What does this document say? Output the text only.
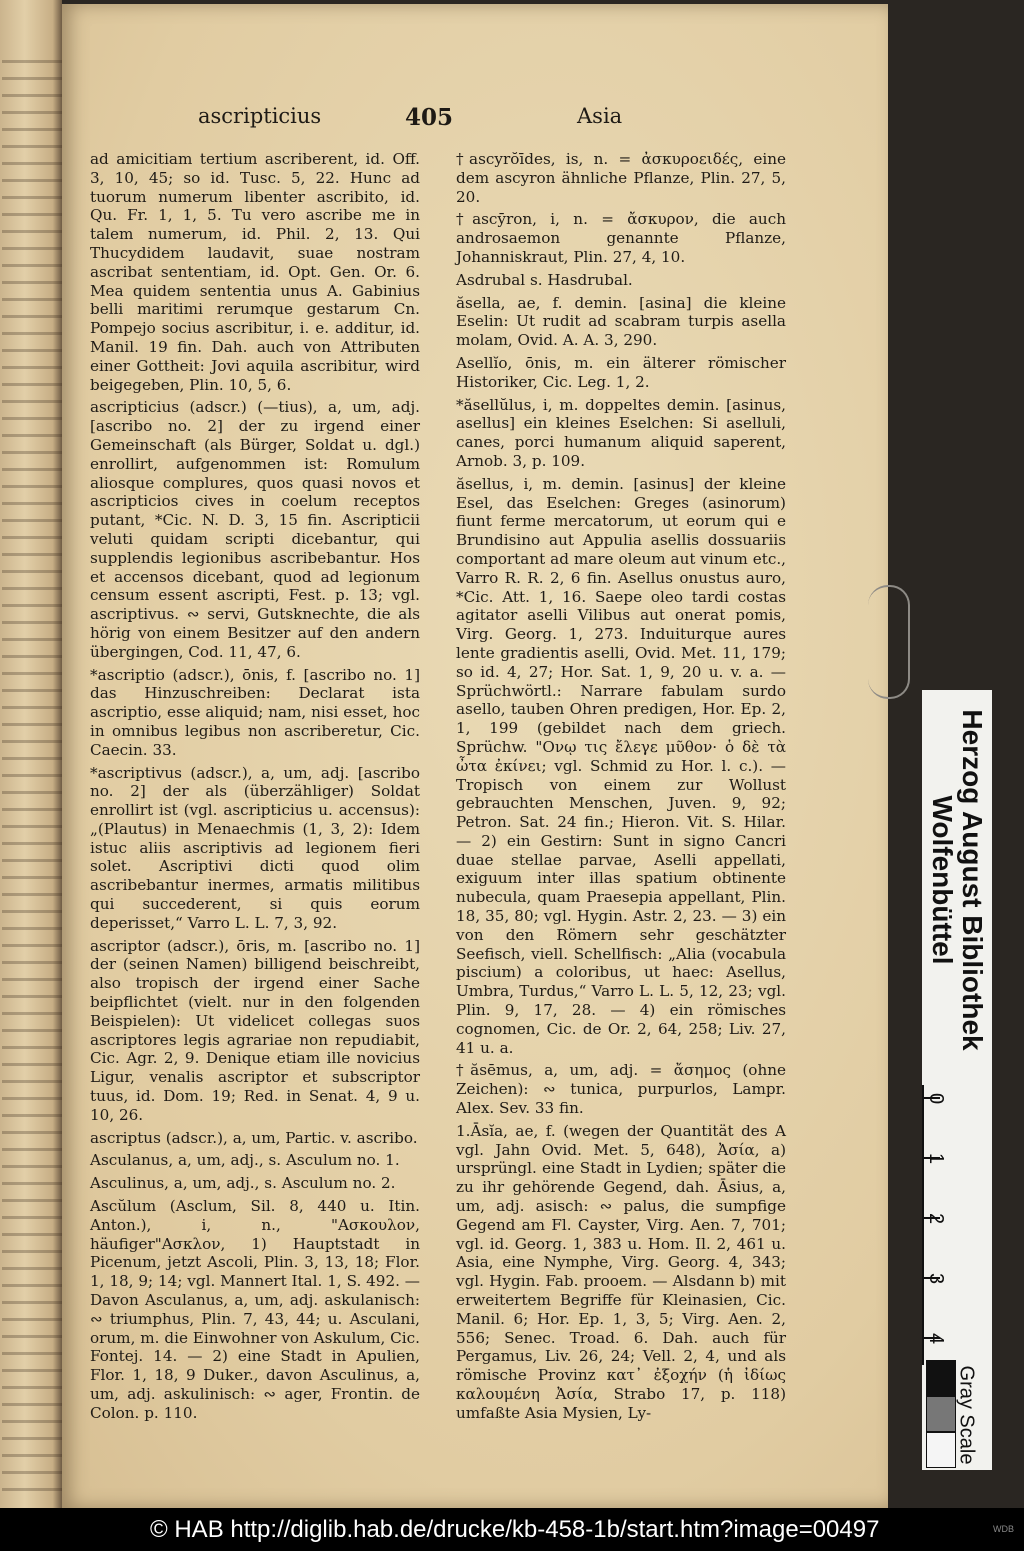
ascripticius	405	Asia

ad amicitiam tertium ascriberent, id. Off. 3, 10, 45; so id. Tusc. 5, 22. Hunc ad tuorum numerum libenter ascribito, id. Qu. Fr. 1, 1, 5. Tu vero ascribe me in talem numerum, id. Phil. 2, 13. Qui Thucydidem laudavit, suae nostram ascribat sententiam, id. Opt. Gen. Or. 6. Mea quidem sententia unus A. Gabinius belli maritimi rerumque gestarum Cn. Pompejo socius ascribitur, i. e. additur, id. Manil. 19 fin. Dah. auch von Attributen einer Gottheit: Jovi aquila ascribitur, wird beigegeben, Plin. 10, 5, 6.

ascripticius (adscr.) (—tius), a, um, adj. [ascribo no. 2] der zu irgend einer Gemeinschaft (als Bürger, Soldat u. dgl.) enrollirt, aufgenommen ist: Romulum aliosque complures, quos quasi novos et ascripticios cives in coelum receptos putant, *Cic. N. D. 3, 15 fin. Ascripticii veluti quidam scripti dicebantur, qui supplendis legionibus ascribebantur. Hos et accensos dicebant, quod ad legionum censum essent ascripti, Fest. p. 13; vgl. ascriptivus. ∾ servi, Gutsknechte, die als hörig von einem Besitzer auf den andern übergingen, Cod. 11, 47, 6.

*ascriptio (adscr.), ōnis, f. [ascribo no. 1] das Hinzuschreiben: Declarat ista ascriptio, esse aliquid; nam, nisi esset, hoc in omnibus legibus non ascriberetur, Cic. Caecin. 33.

*ascriptivus (adscr.), a, um, adj. [ascribo no. 2] der als (überzähliger) Soldat enrollirt ist (vgl. ascripticius u. accensus): „(Plautus) in Menaechmis (1, 3, 2): Idem istuc aliis ascriptivis ad legionem fieri solet. Ascriptivi dicti quod olim ascribebantur inermes, armatis militibus qui succederent, si quis eorum deperisset,“ Varro L. L. 7, 3, 92.

ascriptor (adscr.), ōris, m. [ascribo no. 1] der (seinen Namen) billigend beischreibt, also tropisch der irgend einer Sache beipflichtet (vielt. nur in den folgenden Beispielen): Ut videlicet collegas suos ascriptores legis agrariae non repudiabit, Cic. Agr. 2, 9. Denique etiam ille novicius Ligur, venalis ascriptor et subscriptor tuus, id. Dom. 19; Red. in Senat. 4, 9 u. 10, 26.

ascriptus (adscr.), a, um, Partic. v. ascribo.

Asculanus, a, um, adj., s. Asculum no. 1.

Asculinus, a, um, adj., s. Asculum no. 2.

Ascŭlum (Asclum, Sil. 8, 440 u. Itin. Anton.), i, n., "Ασκουλον, häufiger"Ασκλον, 1) Hauptstadt in Picenum, jetzt Ascoli, Plin. 3, 13, 18; Flor. 1, 18, 9; 14; vgl. Mannert Ital. 1, S. 492. — Davon Asculanus, a, um, adj. askulanisch: ∾ triumphus, Plin. 7, 43, 44; u. Asculani, orum, m. die Einwohner von Askulum, Cic. Fontej. 14. — 2) eine Stadt in Apulien, Flor. 1, 18, 9 Duker., davon Asculinus, a, um, adj. askulinisch: ∾ ager, Frontin. de Colon. p. 110.

†ascyrŏīdes, is, n. = ἀσκυροειδές, eine dem ascyron ähnliche Pflanze, Plin. 27, 5, 20.

†ascȳron, i, n. = ἄσκυρον, die auch androsaemon genannte Pflanze, Johanniskraut, Plin. 27, 4, 10.

Asdrubal s. Hasdrubal.

ăsella, ae, f. demin. [asina] die kleine Eselin: Ut rudit ad scabram turpis asella molam, Ovid. A. A. 3, 290.

Asellĭo, ōnis, m. ein älterer römischer Historiker, Cic. Leg. 1, 2.

*ăsellŭlus, i, m. doppeltes demin. [asinus, asellus] ein kleines Eselchen: Si aselluli, canes, porci humanum aliquid saperent, Arnob. 3, p. 109.

ăsellus, i, m. demin. [asinus] der kleine Esel, das Eselchen: Greges (asinorum) fiunt ferme mercatorum, ut eorum qui e Brundisino aut Appulia asellis dossuariis comportant ad mare oleum aut vinum etc., Varro R. R. 2, 6 fin. Asellus onustus auro, *Cic. Att. 1, 16. Saepe oleo tardi costas agitator aselli Vilibus aut onerat pomis, Virg. Georg. 1, 273. Induiturque aures lente gradientis aselli, Ovid. Met. 11, 179; so id. 4, 27; Hor. Sat. 1, 9, 20 u. v. a. — Sprüchwörtl.: Narrare fabulam surdo asello, tauben Ohren predigen, Hor. Ep. 2, 1, 199 (gebildet nach dem griech. Sprüchw. "Ονῳ τις ἔλεγε μῦθον· ὁ δὲ τὰ ὦτα ἐκίνει; vgl. Schmid zu Hor. l. c.). — Tropisch von einem zur Wollust gebrauchten Menschen, Juven. 9, 92; Petron. Sat. 24 fin.; Hieron. Vit. S. Hilar. — 2) ein Gestirn: Sunt in signo Cancri duae stellae parvae, Aselli appellati, exiguum inter illas spatium obtinente nubecula, quam Praesepia appellant, Plin. 18, 35, 80; vgl. Hygin. Astr. 2, 23. — 3) ein von den Römern sehr geschätzter Seefisch, viell. Schellfisch: „Alia (vocabula piscium) a coloribus, ut haec: Asellus, Umbra, Turdus,“ Varro L. L. 5, 12, 23; vgl. Plin. 9, 17, 28. — 4) ein römisches cognomen, Cic. de Or. 2, 64, 258; Liv. 27, 41 u. a.

†ăsēmus, a, um, adj. = ἄσημος (ohne Zeichen): ∾ tunica, purpurlos, Lampr. Alex. Sev. 33 fin.

1.Āsĭa, ae, f. (wegen der Quantität des A vgl. Jahn Ovid. Met. 5, 648), Ἀσία, a) ursprüngl. eine Stadt in Lydien; später die zu ihr gehörende Gegend, dah. Āsius, a, um, adj. asisch: ∾ palus, die sumpfige Gegend am Fl. Cayster, Virg. Aen. 7, 701; vgl. id. Georg. 1, 383 u. Hom. Il. 2, 461 u. Asia, eine Nymphe, Virg. Georg. 4, 343; vgl. Hygin. Fab. prooem. — Alsdann b) mit erweitertem Begriffe für Kleinasien, Cic. Manil. 6; Hor. Ep. 1, 3, 5; Virg. Aen. 2, 556; Senec. Troad. 6. Dah. auch für Pergamus, Liv. 26, 24; Vell. 2, 4, und als römische Provinz κατ᾽ ἐξοχήν (ἡ ἰδίως καλουμένη Ἀσία, Strabo 17, p. 118) umfaßte Asia Mysien, Ly-

Herzog August Bibliothek
Wolfenbüttel
0
1
2
3
4
Gray Scale
© HAB http://diglib.hab.de/drucke/kb-458-1b/start.htm?image=00497	WDB
